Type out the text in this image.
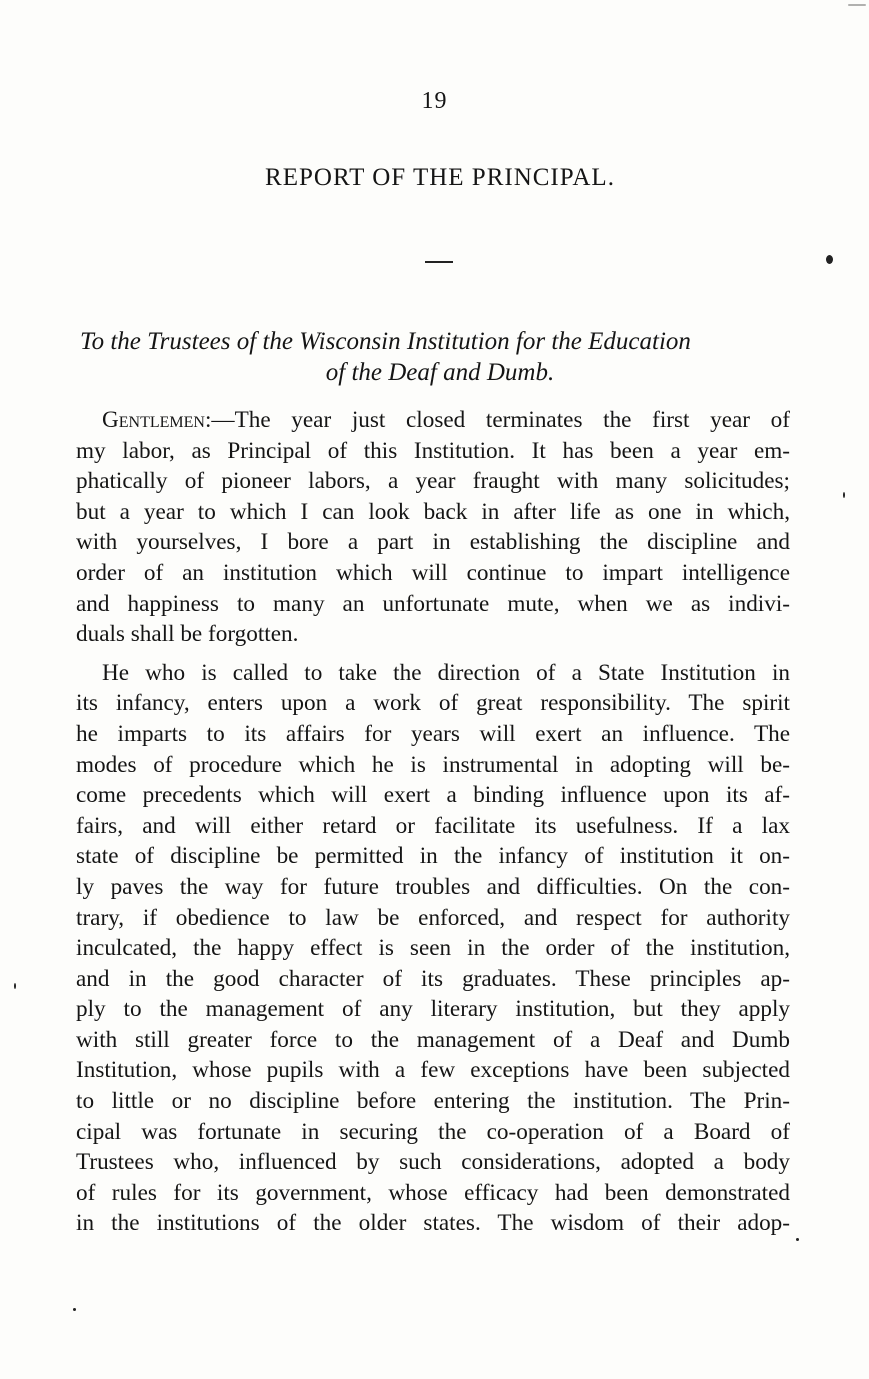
19
REPORT OF THE PRINCIPAL.
To the Trustees of the Wisconsin Institution for the Education
of the Deaf and Dumb.
Gentlemen:—The year just closed terminates the first year of
my labor, as Principal of this Institution. It has been a year em-
phatically of pioneer labors, a year fraught with many solicitudes;
but a year to which I can look back in after life as one in which,
with yourselves, I bore a part in establishing the discipline and
order of an institution which will continue to impart intelligence
and happiness to many an unfortunate mute, when we as indivi-
duals shall be forgotten.
He who is called to take the direction of a State Institution in
its infancy, enters upon a work of great responsibility. The spirit
he imparts to its affairs for years will exert an influence. The
modes of procedure which he is instrumental in adopting will be-
come precedents which will exert a binding influence upon its af-
fairs, and will either retard or facilitate its usefulness. If a lax
state of discipline be permitted in the infancy of institution it on-
ly paves the way for future troubles and difficulties. On the con-
trary, if obedience to law be enforced, and respect for authority
inculcated, the happy effect is seen in the order of the institution,
and in the good character of its graduates. These principles ap-
ply to the management of any literary institution, but they apply
with still greater force to the management of a Deaf and Dumb
Institution, whose pupils with a few exceptions have been subjected
to little or no discipline before entering the institution. The Prin-
cipal was fortunate in securing the co-operation of a Board of
Trustees who, influenced by such considerations, adopted a body
of rules for its government, whose efficacy had been demonstrated
in the institutions of the older states. The wisdom of their adop-
